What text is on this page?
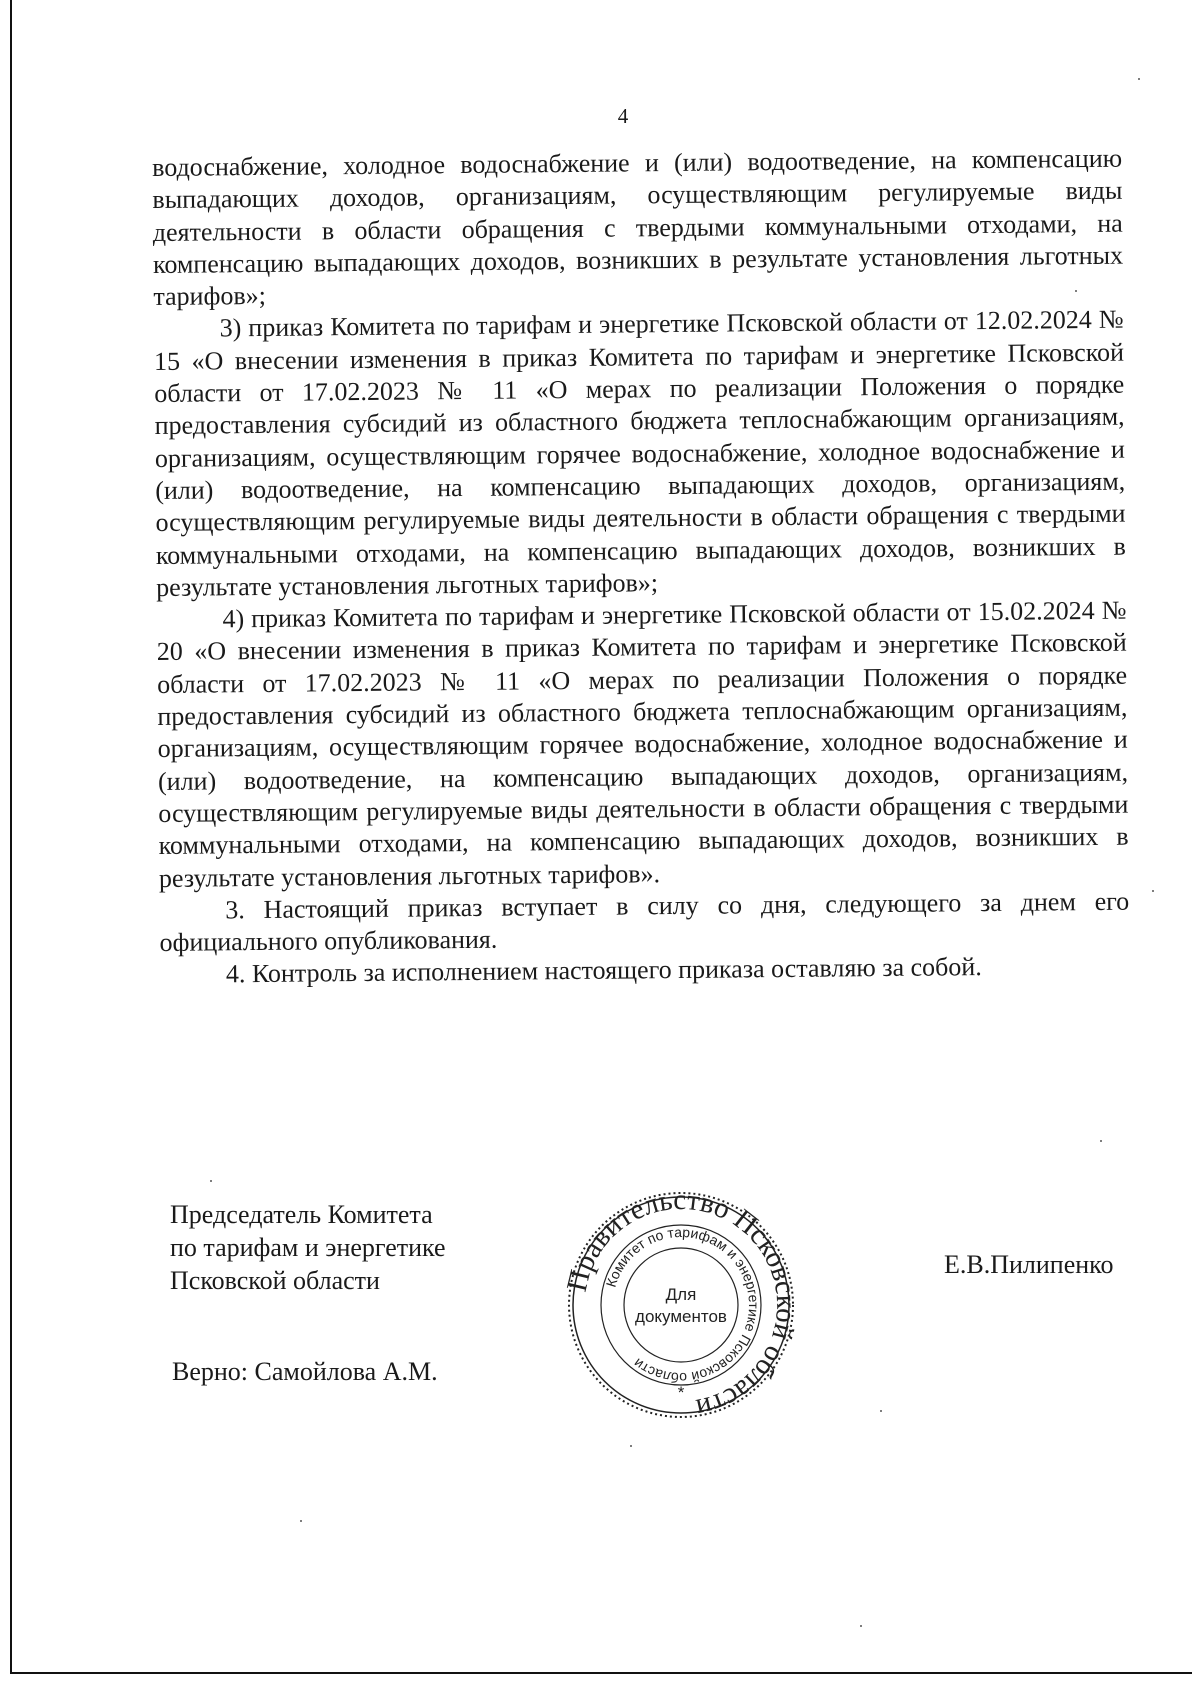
4

водоснабжение, холодное водоснабжение и (или) водоотведение, на компенсацию выпадающих доходов, организациям, осуществляющим регулируемые виды деятельности в области обращения с твердыми коммунальными отходами, на компенсацию выпадающих доходов, возникших в результате установления льготных тарифов»;

3) приказ Комитета по тарифам и энергетике Псковской области от 12.02.2024 № 15 «О внесении изменения в приказ Комитета по тарифам и энергетике Псковской области от 17.02.2023 № 11 «О мерах по реализации Положения о порядке предоставления субсидий из областного бюджета теплоснабжающим организациям, организациям, осуществляющим горячее водоснабжение, холодное водоснабжение и (или) водоотведение, на компенсацию выпадающих доходов, организациям, осуществляющим регулируемые виды деятельности в области обращения с твердыми коммунальными отходами, на компенсацию выпадающих доходов, возникших в результате установления льготных тарифов»;

4) приказ Комитета по тарифам и энергетике Псковской области от 15.02.2024 № 20 «О внесении изменения в приказ Комитета по тарифам и энергетике Псковской области от 17.02.2023 № 11 «О мерах по реализации Положения о порядке предоставления субсидий из областного бюджета теплоснабжающим организациям, организациям, осуществляющим горячее водоснабжение, холодное водоснабжение и (или) водоотведение, на компенсацию выпадающих доходов, организациям, осуществляющим регулируемые виды деятельности в области обращения с твердыми коммунальными отходами, на компенсацию выпадающих доходов, возникших в результате установления льготных тарифов».

3. Настоящий приказ вступает в силу со дня, следующего за днем его официального опубликования.

4. Контроль за исполнением настоящего приказа оставляю за собой.

Председатель Комитета
по тарифам и энергетике
Псковской области
Е.В.Пилипенко
Верно: Самойлова А.М.
равительство Псков области
Комитет по тарифам и энергетике Псковской области
Для
документов
*
